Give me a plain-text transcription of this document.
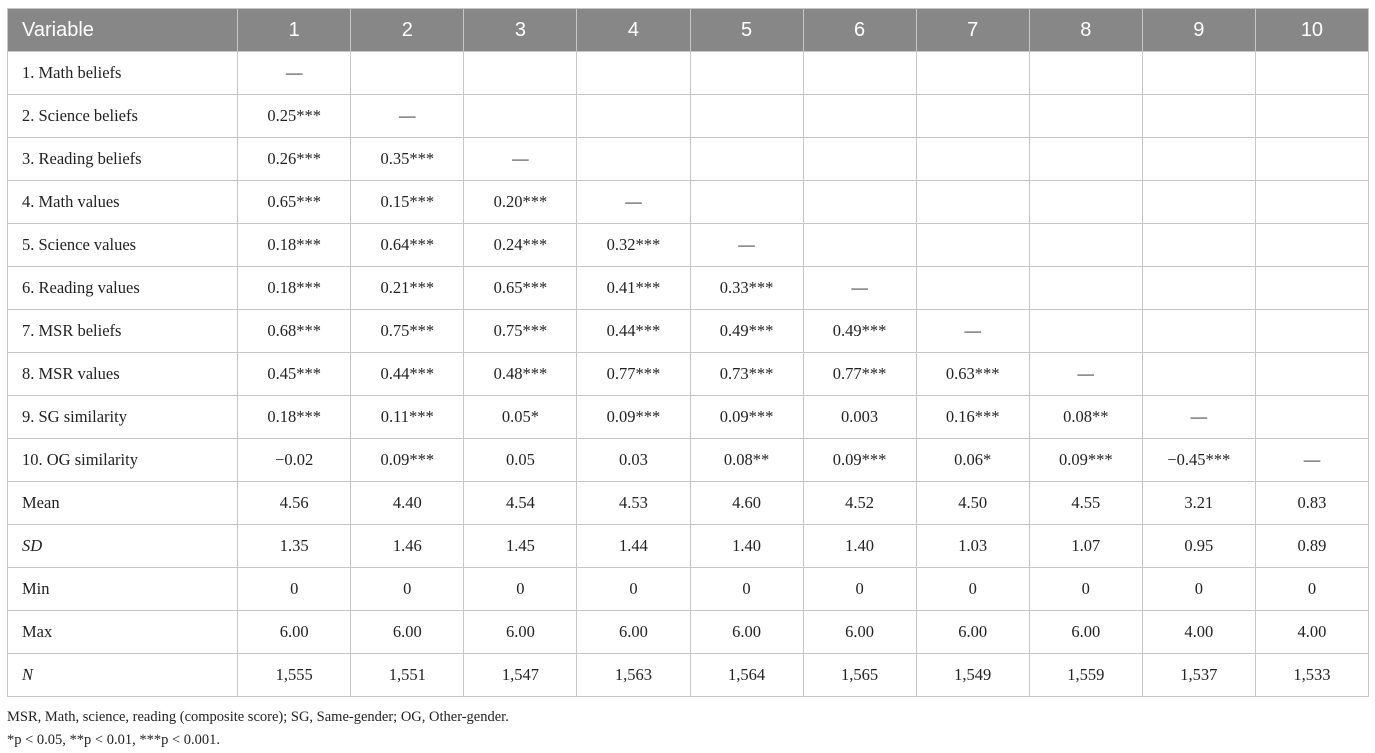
Variable	1	2	3	4	5	6	7	8	9	10
1. Math beliefs	—									
2. Science beliefs	0.25***	—								
3. Reading beliefs	0.26***	0.35***	—							
4. Math values	0.65***	0.15***	0.20***	—						
5. Science values	0.18***	0.64***	0.24***	0.32***	—					
6. Reading values	0.18***	0.21***	0.65***	0.41***	0.33***	—				
7. MSR beliefs	0.68***	0.75***	0.75***	0.44***	0.49***	0.49***	—			
8. MSR values	0.45***	0.44***	0.48***	0.77***	0.73***	0.77***	0.63***	—		
9. SG similarity	0.18***	0.11***	0.05*	0.09***	0.09***	0.003	0.16***	0.08**	—	
10. OG similarity	−0.02	0.09***	0.05	0.03	0.08**	0.09***	0.06*	0.09***	−0.45***	—
Mean	4.56	4.40	4.54	4.53	4.60	4.52	4.50	4.55	3.21	0.83
SD	1.35	1.46	1.45	1.44	1.40	1.40	1.03	1.07	0.95	0.89
Min	0	0	0	0	0	0	0	0	0	0
Max	6.00	6.00	6.00	6.00	6.00	6.00	6.00	6.00	4.00	4.00
N	1,555	1,551	1,547	1,563	1,564	1,565	1,549	1,559	1,537	1,533
MSR, Math, science, reading (composite score); SG, Same-gender; OG, Other-gender.
*p < 0.05, **p < 0.01, ***p < 0.001.
